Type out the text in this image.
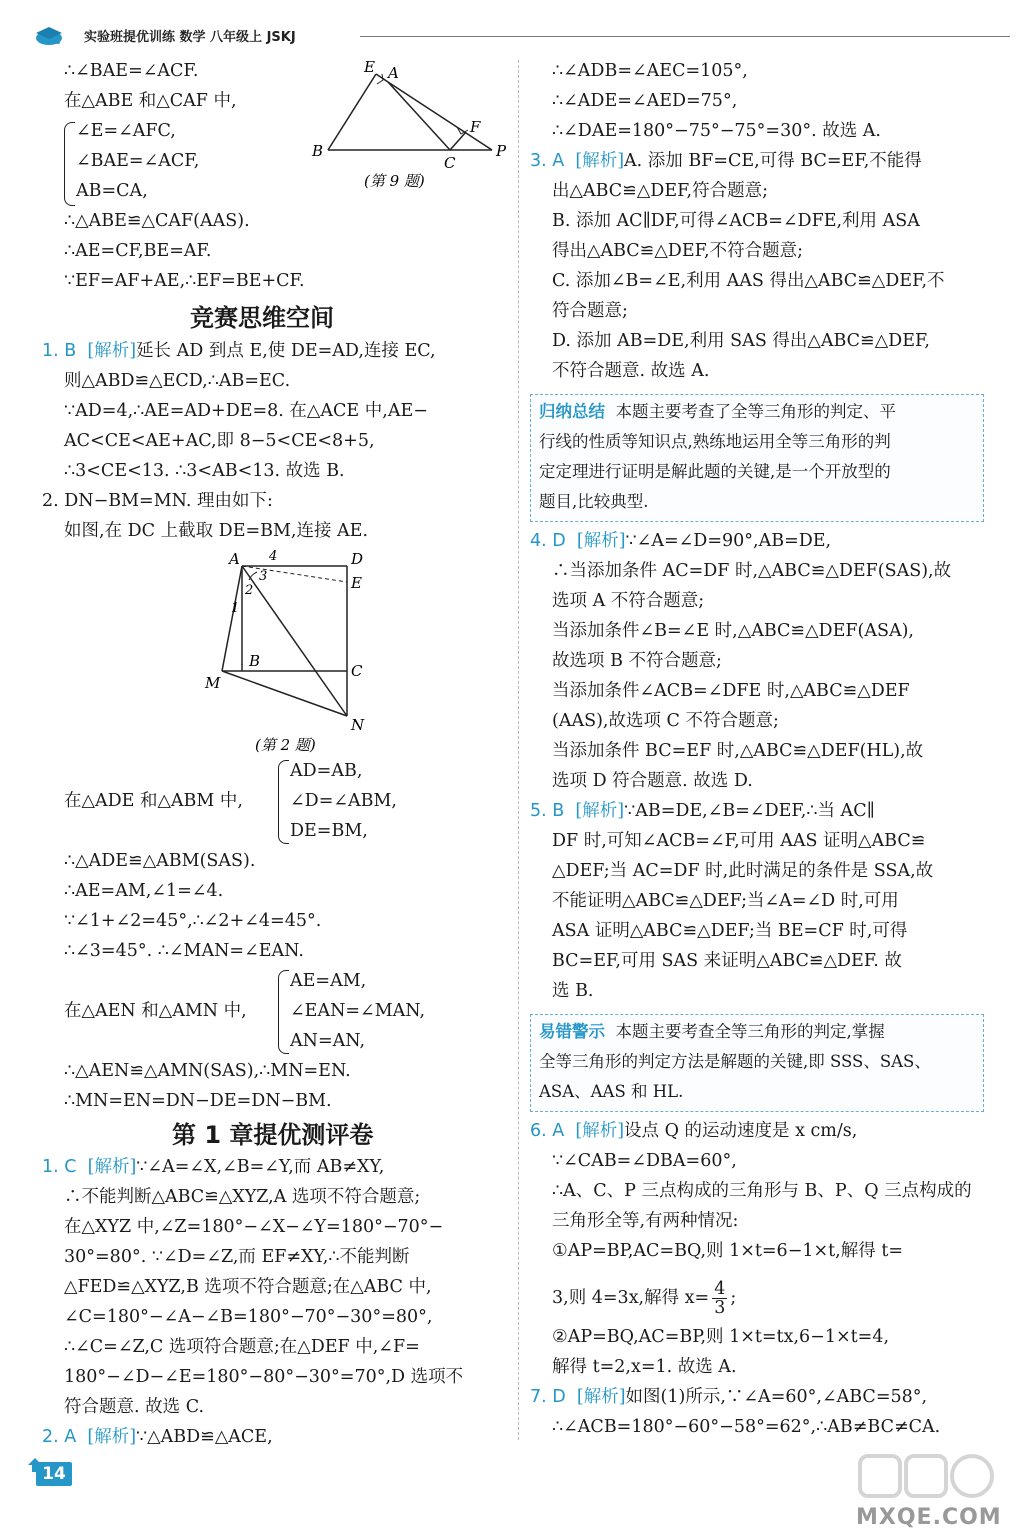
实验班提优训练 数学 八年级上 JSKJ
∴∠BAE=∠ACF.
在△ABE 和△CAF 中,
∠E=∠AFC,
∠BAE=∠ACF,
AB=CA,
∴△ABE≌△CAF(AAS).
∴AE=CF,BE=AF.
∵EF=AF+AE,∴EF=BE+CF.
E A
B
C
F
P
(第 9 题)
竞赛思维空间
1. B [解析]延长 AD 到点 E,使 DE=AD,连接 EC,
则△ABD≌△ECD,∴AB=EC.
∵AD=4,∴AE=AD+DE=8. 在△ACE 中,AE−
AC<CE<AE+AC,即 8−5<CE<8+5,
∴3<CE<13. ∴3<AB<13. 故选 B.
2. DN−BM=MN. 理由如下:
如图,在 DC 上截取 DE=BM,连接 AE.
A	D
E
B
C
M
N
1
2
3
4
(第 2 题)
在△ADE 和△ABM 中,
AD=AB,
∠D=∠ABM,
DE=BM,
∴△ADE≌△ABM(SAS).
∴AE=AM,∠1=∠4.
∵∠1+∠2=45°,∴∠2+∠4=45°.
∴∠3=45°. ∴∠MAN=∠EAN.
在△AEN 和△AMN 中,
AE=AM,
∠EAN=∠MAN,
AN=AN,
∴△AEN≌△AMN(SAS),∴MN=EN.
∴MN=EN=DN−DE=DN−BM.
第 1 章提优测评卷
1. C [解析]∵∠A=∠X,∠B=∠Y,而 AB≠XY,
∴不能判断△ABC≌△XYZ,A 选项不符合题意;
在△XYZ 中,∠Z=180°−∠X−∠Y=180°−70°−
30°=80°. ∵∠D=∠Z,而 EF≠XY,∴不能判断
△FED≌△XYZ,B 选项不符合题意;在△ABC 中,
∠C=180°−∠A−∠B=180°−70°−30°=80°,
∴∠C=∠Z,C 选项符合题意;在△DEF 中,∠F=
180°−∠D−∠E=180°−80°−30°=70°,D 选项不
符合题意. 故选 C.
2. A [解析]∵△ABD≌△ACE,
∴∠ADB=∠AEC=105°,
∴∠ADE=∠AED=75°,
∴∠DAE=180°−75°−75°=30°. 故选 A.
3. A [解析]A. 添加 BF=CE,可得 BC=EF,不能得
出△ABC≌△DEF,符合题意;
B. 添加 AC∥DF,可得∠ACB=∠DFE,利用 ASA
得出△ABC≌△DEF,不符合题意;
C. 添加∠B=∠E,利用 AAS 得出△ABC≌△DEF,不
符合题意;
D. 添加 AB=DE,利用 SAS 得出△ABC≌△DEF,
不符合题意. 故选 A.
归纳总结 本题主要考查了全等三角形的判定、平
行线的性质等知识点,熟练地运用全等三角形的判
定定理进行证明是解此题的关键,是一个开放型的
题目,比较典型.
4. D [解析]∵∠A=∠D=90°,AB=DE,
∴当添加条件 AC=DF 时,△ABC≌△DEF(SAS),故
选项 A 不符合题意;
当添加条件∠B=∠E 时,△ABC≌△DEF(ASA),
故选项 B 不符合题意;
当添加条件∠ACB=∠DFE 时,△ABC≌△DEF
(AAS),故选项 C 不符合题意;
当添加条件 BC=EF 时,△ABC≌△DEF(HL),故
选项 D 符合题意. 故选 D.
5. B [解析]∵AB=DE,∠B=∠DEF,∴当 AC∥
DF 时,可知∠ACB=∠F,可用 AAS 证明△ABC≌
△DEF;当 AC=DF 时,此时满足的条件是 SSA,故
不能证明△ABC≌△DEF;当∠A=∠D 时,可用
ASA 证明△ABC≌△DEF;当 BE=CF 时,可得
BC=EF,可用 SAS 来证明△ABC≌△DEF. 故
选 B.
易错警示 本题主要考查全等三角形的判定,掌握
全等三角形的判定方法是解题的关键,即 SSS、SAS、
ASA、AAS 和 HL.
6. A [解析]设点 Q 的运动速度是 x cm/s,
∵∠CAB=∠DBA=60°,
∴A、C、P 三点构成的三角形与 B、P、Q 三点构成的
三角形全等,有两种情况:
①AP=BP,AC=BQ,则 1×t=6−1×t,解得 t=
3,则 4=3x,解得 $x= \frac{4}{3}$ ;
②AP=BQ,AC=BP,则 1×t=tx,6−1×t=4,
解得 t=2,x=1. 故选 A.
7. D [解析]如图(1)所示,∵∠A=60°,∠ABC=58°,
∴∠ACB=180°−60°−58°=62°,∴AB≠BC≠CA.
14
MXQE.COM
